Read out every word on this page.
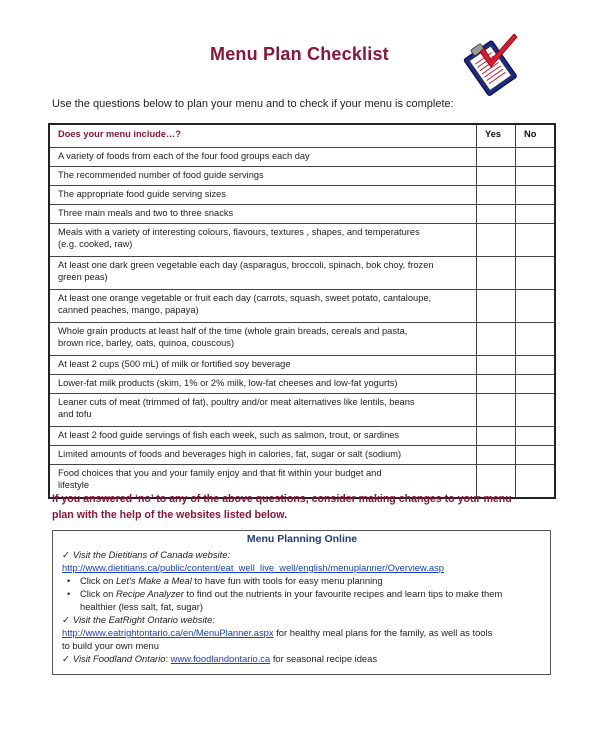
Menu Plan Checklist
Use the questions below to plan your menu and to check if your menu is complete:
Does your menu include…?	Yes	No

A variety of foods from each of the four food groups each day		

The recommended number of food guide servings		

The appropriate food guide serving sizes		

Three main meals and two to three snacks		

Meals with a variety of interesting colours, flavours, textures , shapes, and temperatures
(e.g. cooked, raw)		

At least one dark green vegetable each day (asparagus, broccoli, spinach, bok choy, frozen
green peas)		

At least one orange vegetable or fruit each day (carrots, squash, sweet potato, cantaloupe,
canned peaches, mango, papaya)		

Whole grain products at least half of the time (whole grain breads, cereals and pasta,
brown rice, barley, oats, quinoa, couscous)		

At least 2 cups (500 mL) of milk or fortified soy beverage		

Lower-fat milk products (skim, 1% or 2% milk, low-fat cheeses and low-fat yogurts)		

Leaner cuts of meat (trimmed of fat), poultry and/or meat alternatives like lentils, beans
and tofu		

At least 2 food guide servings of fish each week, such as salmon, trout, or sardines		

Limited amounts of foods and beverages high in calories, fat, sugar or salt (sodium)		

Food choices that you and your family enjoy and that fit within your budget and
lifestyle		

If you answered ‘no’ to any of the above questions, consider making changes to your menu
plan with the help of the websites listed below.
Menu Planning Online
✓ Visit the Dietitians of Canada website:
http://www.dietitians.ca/public/content/eat_well_live_well/english/menuplanner/Overview.asp
• Click on Let’s Make a Meal to have fun with tools for easy menu planning
• Click on Recipe Analyzer to find out the nutrients in your favourite recipes and learn tips to make them
healthier (less salt, fat, sugar)
✓ Visit the EatRight Ontario website:
http://www.eatrightontario.ca/en/MenuPlanner.aspx for healthy meal plans for the family, as well as tools
to build your own menu
✓ Visit Foodland Ontario: www.foodlandontario.ca for seasonal recipe ideas
